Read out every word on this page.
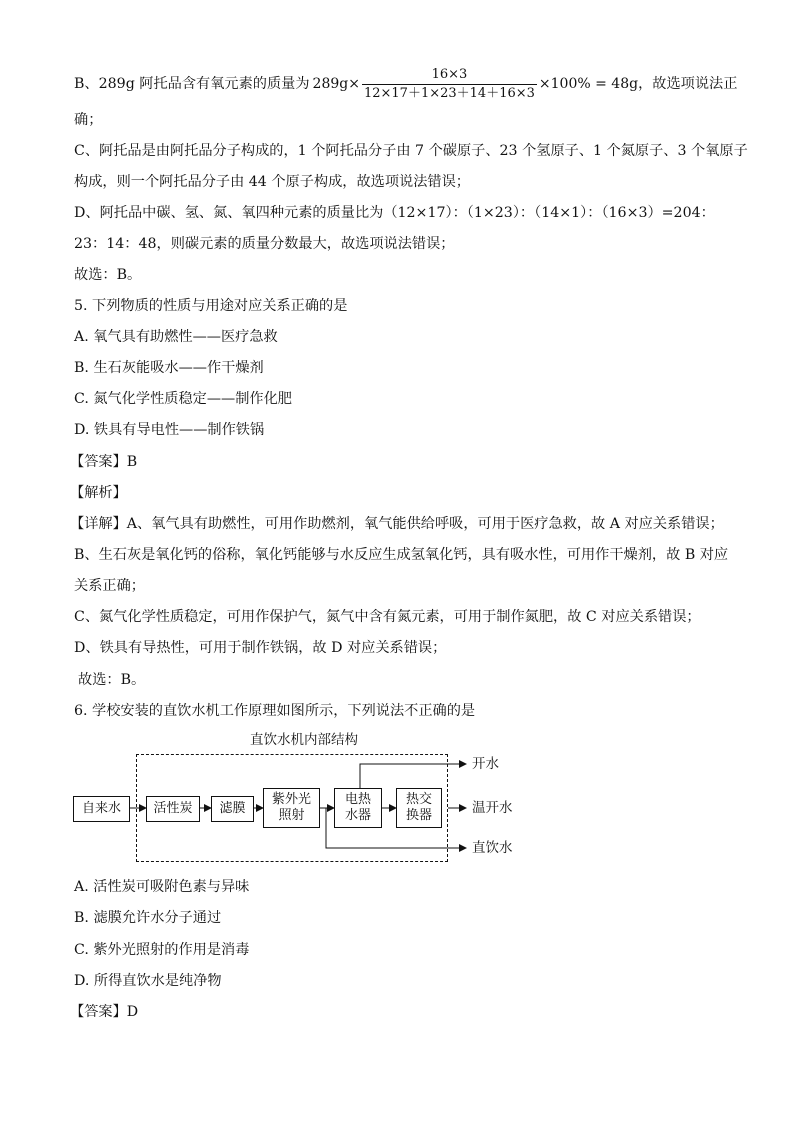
B、289g 阿托品含有氧元素的质量为 $289g \times \frac{16\times 3}{12\times 17+1\times 23+14+16\times 3} \times 100\% = 48g$ ，故选项说法正
确；
C、阿托品是由阿托品分子构成的，1 个阿托品分子由 7 个碳原子、23 个氢原子、1 个氮原子、3 个氧原子
构成，则一个阿托品分子由 44 个原子构成，故选项说法错误；
D、阿托品中碳、氢、氮、氧四种元素的质量比为（12×17）：（1×23）：（14×1）：（16×3）=204：
23：14：48，则碳元素的质量分数最大，故选项说法错误；
故选：B。
5. 下列物质的性质与用途对应关系正确的是
A. 氧气具有助燃性——医疗急救
B. 生石灰能吸水——作干燥剂
C. 氮气化学性质稳定——制作化肥
D. 铁具有导电性——制作铁锅
【答案】B
【解析】
【详解】A、氧气具有助燃性，可用作助燃剂，氧气能供给呼吸，可用于医疗急救，故 A 对应关系错误；
B、生石灰是氧化钙的俗称，氧化钙能够与水反应生成氢氧化钙，具有吸水性，可用作干燥剂，故 B 对应
关系正确；
C、氮气化学性质稳定，可用作保护气，氮气中含有氮元素，可用于制作氮肥，故 C 对应关系错误；
D、铁具有导热性，可用于制作铁锅，故 D 对应关系错误；
故选：B。
6. 学校安装的直饮水机工作原理如图所示，下列说法不正确的是
直饮水机内部结构
自来水 活性炭 滤膜
紫外光
照射
电热
水器
热交
换器
开水
温开水
直饮水
A. 活性炭可吸附色素与异味
B. 滤膜允许水分子通过
C. 紫外光照射的作用是消毒
D. 所得直饮水是纯净物
【答案】D
